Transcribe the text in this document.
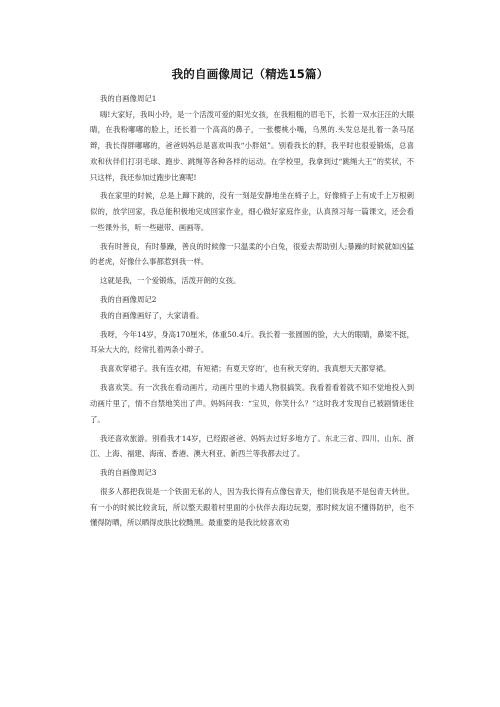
我的自画像周记（精选15篇）

我的自画像周记1

嗨!大家好，我叫小玲，是一个活泼可爱的阳光女孩，在我粗粗的眉毛下，长着一双水汪汪的大眼睛，在我粉嘟嘟的脸上，还长着一个高高的鼻子，一张樱桃小嘴，乌黑的.头发总是扎着一条马尾辫，我长得胖嘟嘟的，爸爸妈妈总是喜欢叫我“小胖妞”。别看我长的胖，我平时也很爱锻炼，总喜欢和伙伴们打羽毛球、跑步、跳绳等各种各样的运动。在学校里，我拿到过“跳绳大王”的奖状，不只这样，我还参加过跑步比赛呢!

我在家里的时候，总是上蹿下跳的，没有一刻是安静地坐在椅子上，好像椅子上有成千上万根刺似的，放学回家，我总能积极地完成回家作业，细心做好家庭作业，认真预习每一篇课文，还会看一些课外书，听一些磁带、画画等。

我有时善良，有时暴躁，善良的时候像一只温柔的小白兔，很爱去帮助别人;暴躁的时候就如凶猛的老虎，好像什么事都惹到我一样。

这就是我，一个爱锻炼，活泼开朗的女孩。

我的自画像周记2

我的自画像画好了，大家请看。

我呀，今年14岁，身高170厘米，体重50.4斤。我长着一张圆圆的脸，大大的眼睛，鼻梁不挺，耳朵大大的，经常扎着两条小辫子。

我喜欢穿裙子。我有连衣裙，有短裙；有夏天穿的’，也有秋天穿的。我真想天天都穿裙。

我喜欢笑。有一次我在看动画片。动画片里的卡通人物很搞笑。我看着看着就不知不觉地投入到动画片里了，情不自禁地笑出了声。妈妈问我：“宝贝，你笑什么？”这时我才发现自己被剧情迷住了。

我还喜欢旅游。别看我才14岁，已经跟爸爸、妈妈去过好多地方了。东北三省、四川、山东、浙江、上海、福建、海南、香港、澳大利亚、新西兰等我都去过了。

我的自画像周记3

很多人都把我说是一个铁面无私的人，因为我长得有点像包青天，他们说我是不是包青天转世。有一小的时候比较贪玩，所以整天跟着村里面的小伙伴去海边玩耍，那时候友谊不懂得防护，也不懂得防晒，所以晒得皮肤比较黝黑。最重要的是我比较喜欢劝
